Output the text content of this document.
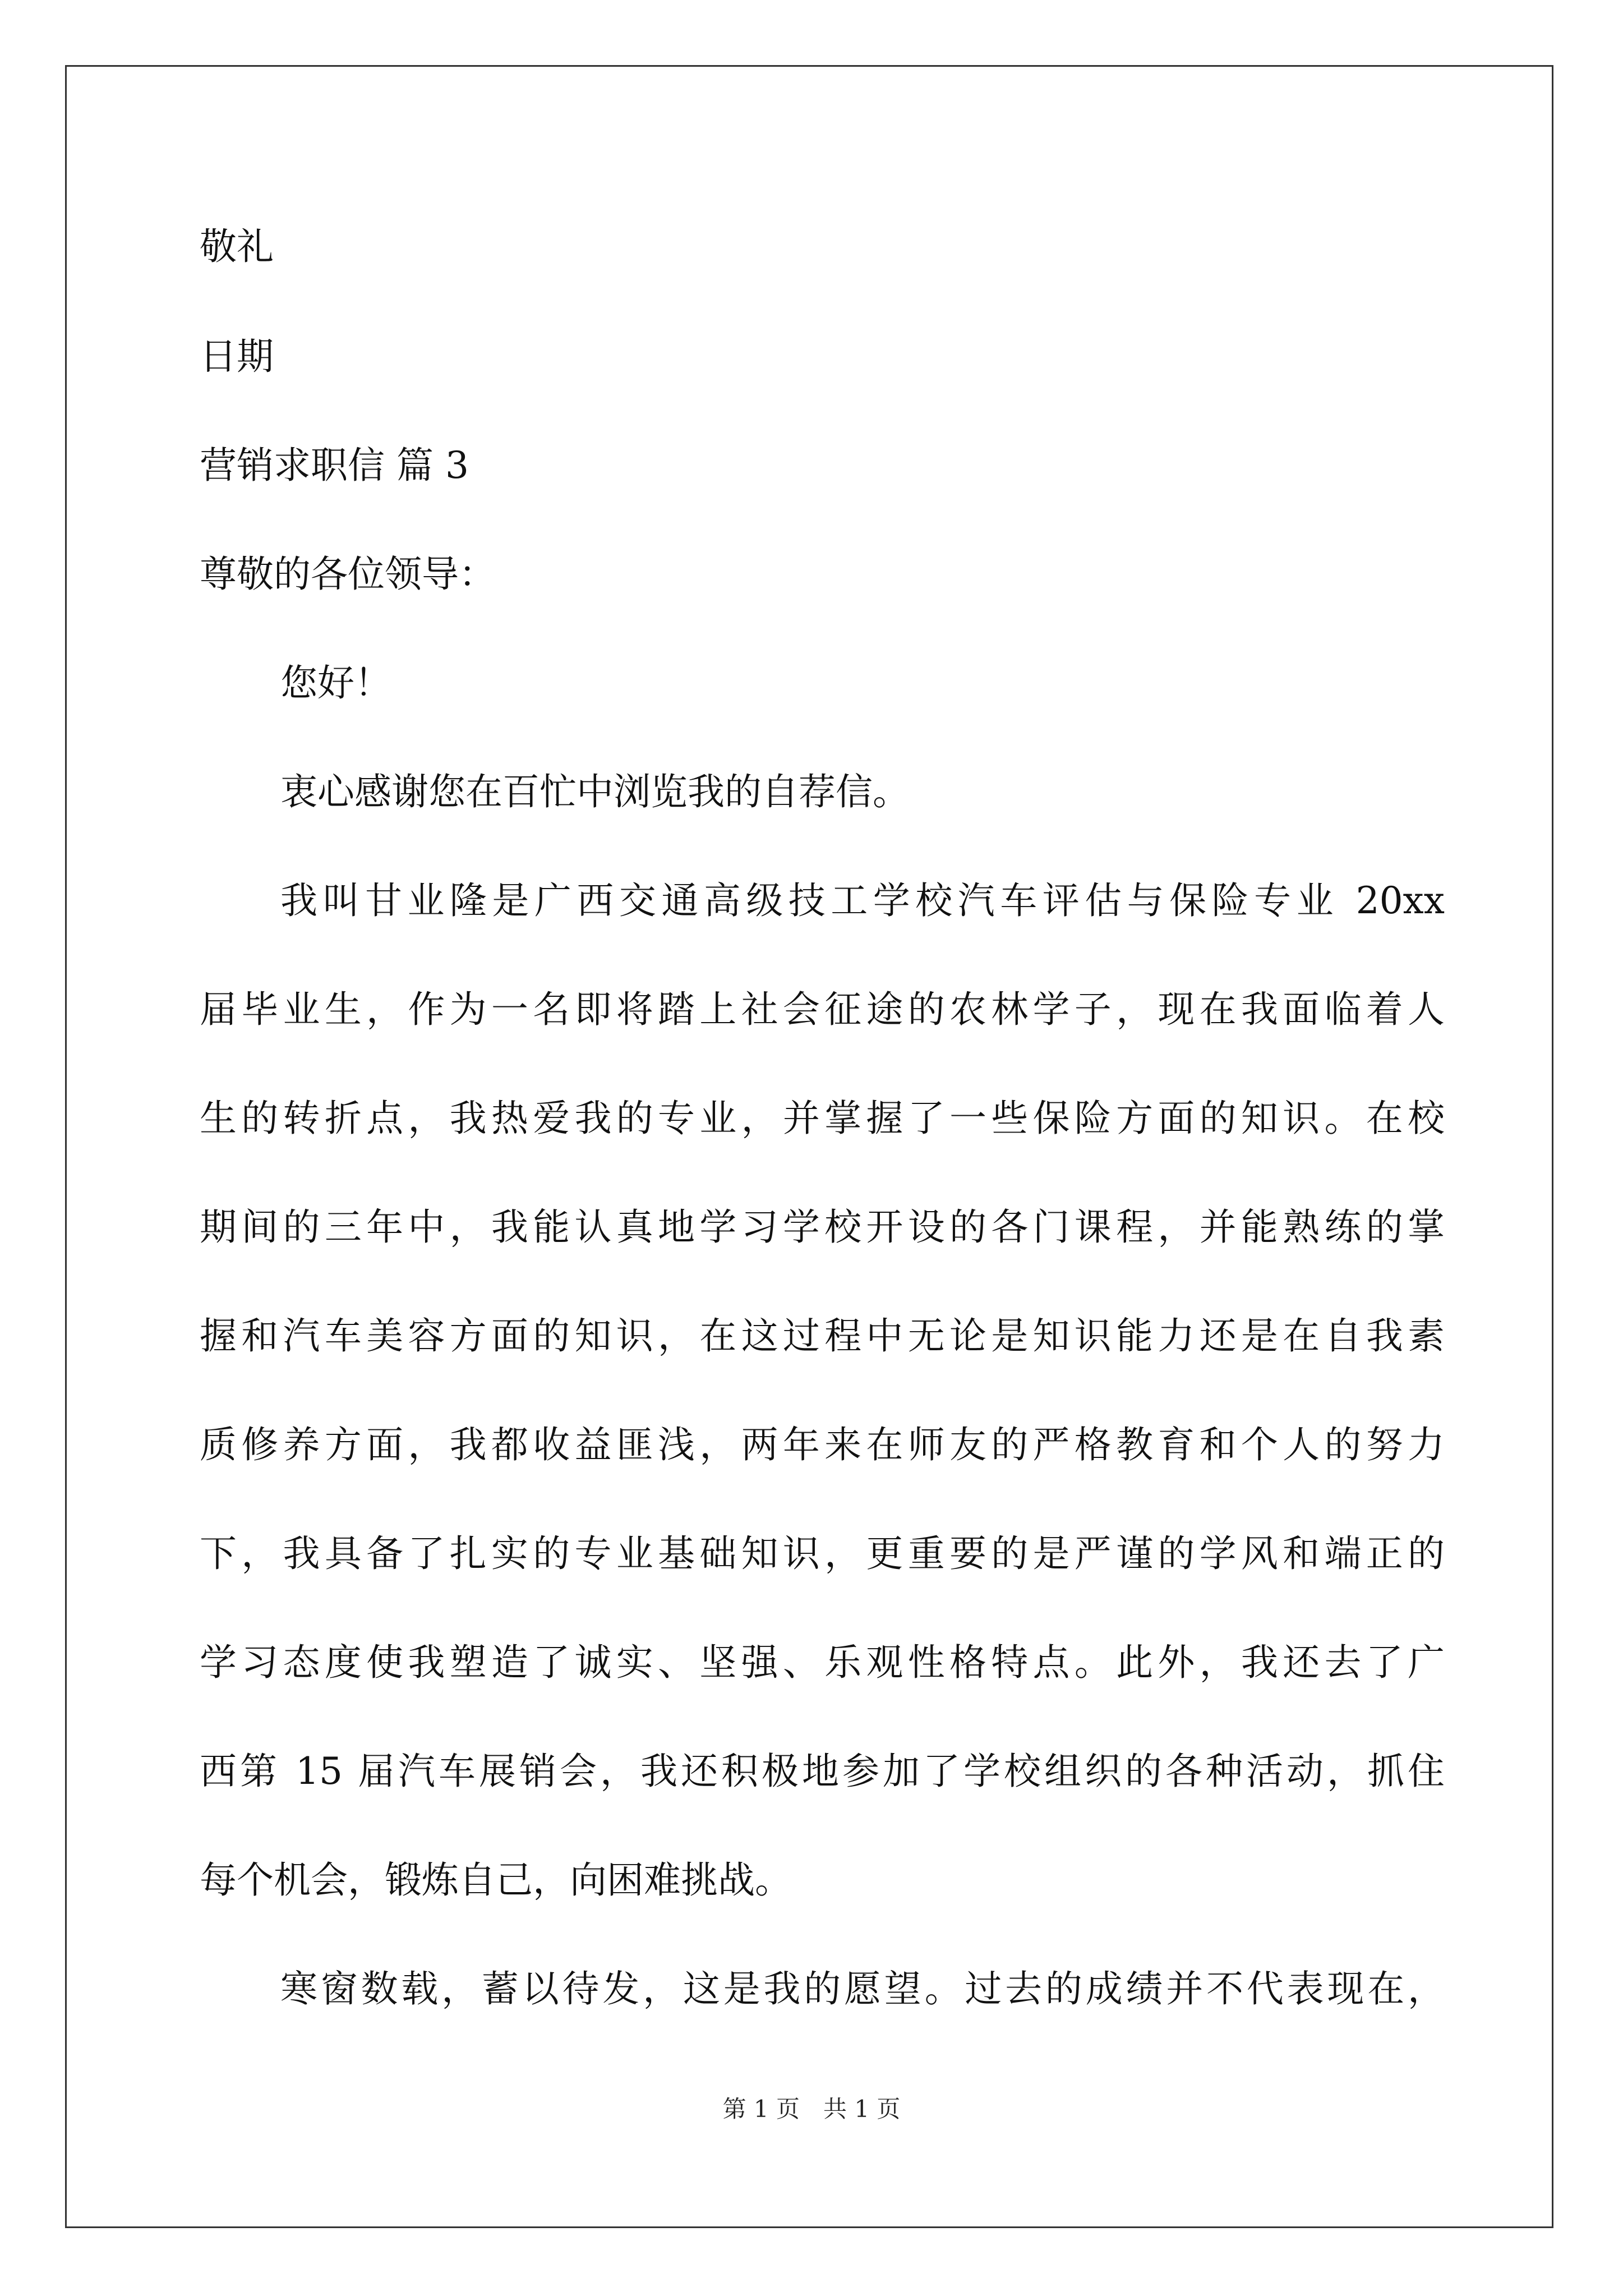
敬礼
日期
营销求职信 篇 3
尊敬的各位领导：
您好！
衷心感谢您在百忙中浏览我的自荐信。
我叫甘业隆是广西交通高级技工学校汽车评估与保险专业 20xx
届毕业生，作为一名即将踏上社会征途的农林学子，现在我面临着人
生的转折点，我热爱我的专业，并掌握了一些保险方面的知识。在校
期间的三年中，我能认真地学习学校开设的各门课程，并能熟练的掌
握和汽车美容方面的知识，在这过程中无论是知识能力还是在自我素
质修养方面，我都收益匪浅，两年来在师友的严格教育和个人的努力
下，我具备了扎实的专业基础知识，更重要的是严谨的学风和端正的
学习态度使我塑造了诚实、坚强、乐观性格特点。此外，我还去了广
西第 15 届汽车展销会，我还积极地参加了学校组织的各种活动，抓住
每个机会，锻炼自己，向困难挑战。
寒窗数载，蓄以待发，这是我的愿望。过去的成绩并不代表现在，
第 1 页　共 1 页
